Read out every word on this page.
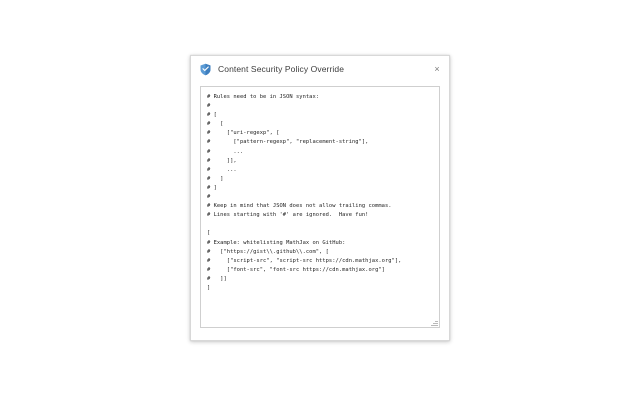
Content Security Policy Override	×
# Rules need to be in JSON syntax: # # [ # [ # ["uri-regexp", [ # ["pattern-regexp", "replacement-string"], # ... # ]], # ... # ] # ] # # Keep in mind that JSON does not allow trailing commas. # Lines starting with '#' are ignored. Have fun! [ # Example: whitelisting MathJax on GitHub: # ["https://gist\\.github\\.com", [ # ["script-src", "script-src https://cdn.mathjax.org"], # ["font-src", "font-src https://cdn.mathjax.org"] # ]] ]
